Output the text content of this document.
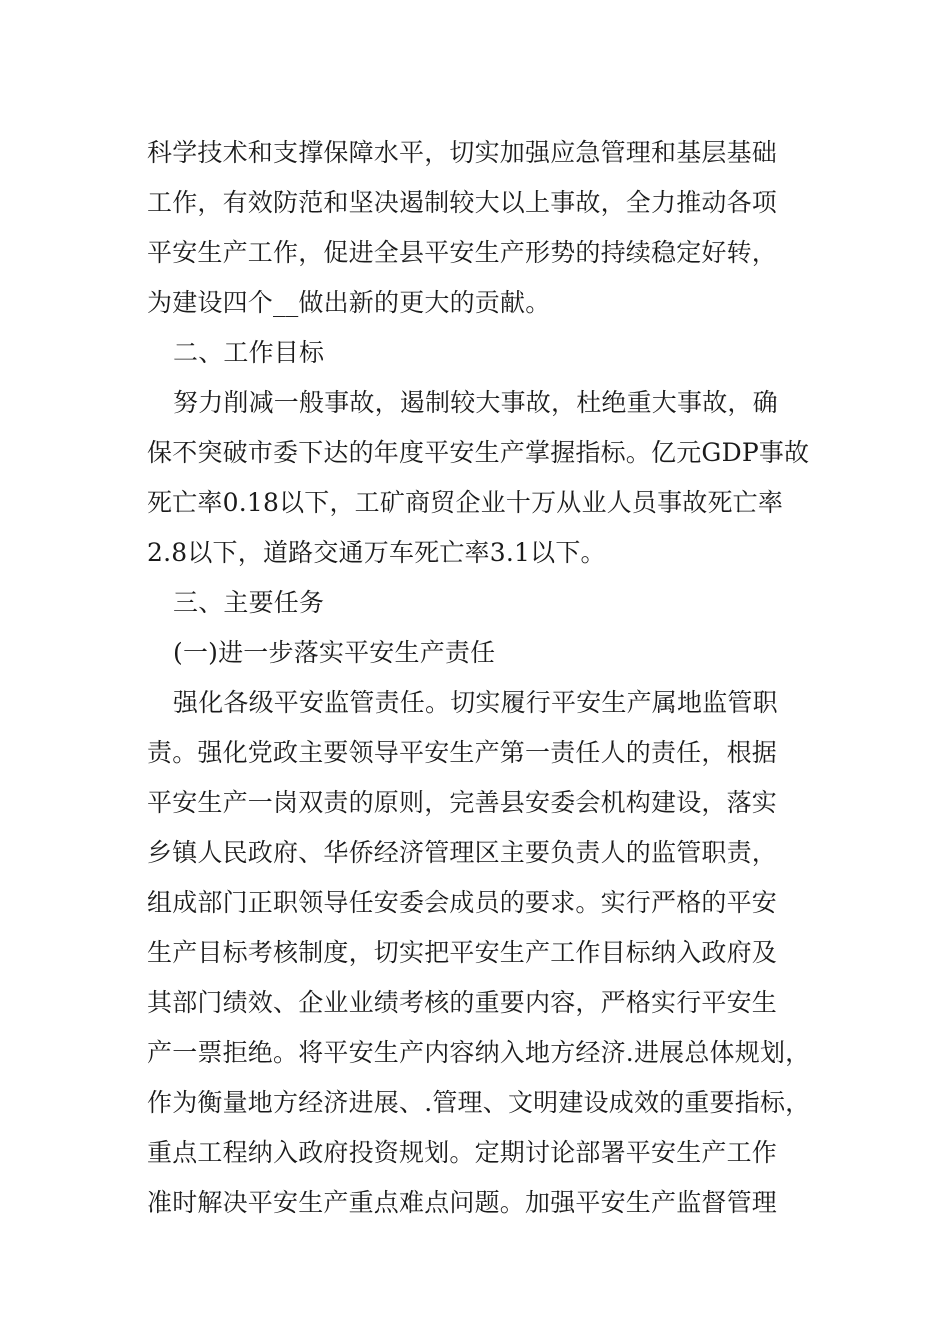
科学技术和支撑保障水平，切实加强应急管理和基层基础
工作，有效防范和坚决遏制较大以上事故，全力推动各项
平安生产工作，促进全县平安生产形势的持续稳定好转，
为建设四个__做出新的更大的贡献。
二、工作目标
努力削减一般事故，遏制较大事故，杜绝重大事故，确
保不突破市委下达的年度平安生产掌握指标。亿元GDP事故
死亡率0.18以下，工矿商贸企业十万从业人员事故死亡率
2.8以下，道路交通万车死亡率3.1以下。
三、主要任务
(一)进一步落实平安生产责任
强化各级平安监管责任。切实履行平安生产属地监管职
责。强化党政主要领导平安生产第一责任人的责任，根据
平安生产一岗双责的原则，完善县安委会机构建设，落实
乡镇人民政府、华侨经济管理区主要负责人的监管职责，
组成部门正职领导任安委会成员的要求。实行严格的平安
生产目标考核制度，切实把平安生产工作目标纳入政府及
其部门绩效、企业业绩考核的重要内容，严格实行平安生
产一票拒绝。将平安生产内容纳入地方经济.进展总体规划，
作为衡量地方经济进展、.管理、文明建设成效的重要指标，
重点工程纳入政府投资规划。定期讨论部署平安生产工作
准时解决平安生产重点难点问题。加强平安生产监督管理
